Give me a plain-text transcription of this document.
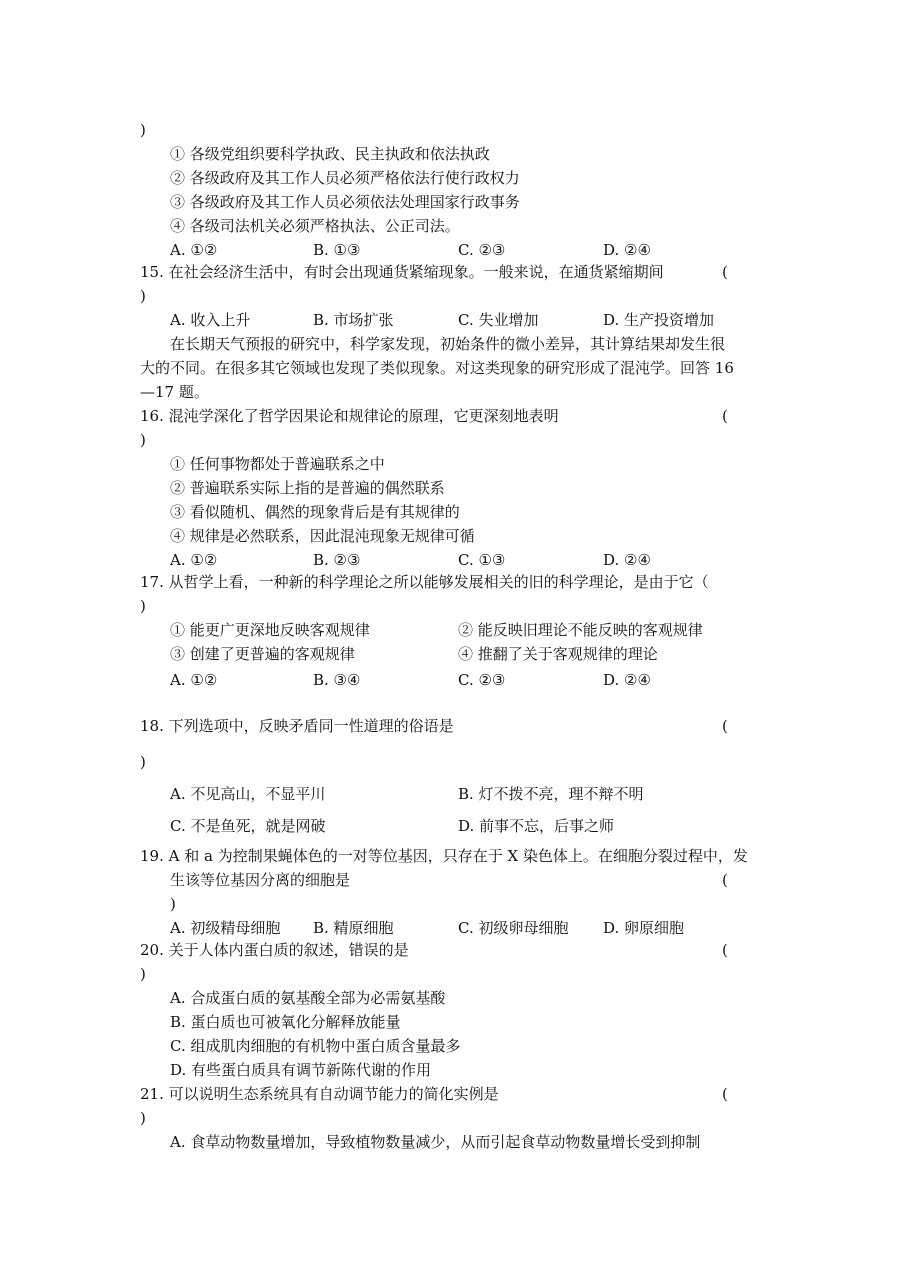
)
① 各级党组织要科学执政、民主执政和依法执政
② 各级政府及其工作人员必须严格依法行使行政权力
③ 各级政府及其工作人员必须依法处理国家行政事务
④ 各级司法机关必须严格执法、公正司法。
A. ①②	B. ①③	C. ②③	D. ②④
15. 在社会经济生活中，有时会出现通货紧缩现象。一般来说，在通货紧缩期间	(
)
A. 收入上升	B. 市场扩张	C. 失业增加	D. 生产投资增加
在长期天气预报的研究中，科学家发现，初始条件的微小差异，其计算结果却发生很
大的不同。在很多其它领域也发现了类似现象。对这类现象的研究形成了混沌学。回答 16
—17 题。
16. 混沌学深化了哲学因果论和规律论的原理，它更深刻地表明	(
)
① 任何事物都处于普遍联系之中
② 普遍联系实际上指的是普遍的偶然联系
③ 看似随机、偶然的现象背后是有其规律的
④ 规律是必然联系，因此混沌现象无规律可循
A. ①②	B. ②③	C. ①③	D. ②④
17. 从哲学上看，一种新的科学理论之所以能够发展相关的旧的科学理论，是由于它（
)
① 能更广更深地反映客观规律	② 能反映旧理论不能反映的客观规律
③ 创建了更普遍的客观规律	④ 推翻了关于客观规律的理论
A. ①②	B. ③④	C. ②③	D. ②④
18. 下列选项中，反映矛盾同一性道理的俗语是	(
)
A. 不见高山，不显平川	B. 灯不拨不亮，理不辩不明
C. 不是鱼死，就是网破	D. 前事不忘，后事之师
19. A 和 a 为控制果蝇体色的一对等位基因，只存在于 X 染色体上。在细胞分裂过程中，发
生该等位基因分离的细胞是	(
)
A. 初级精母细胞 B. 精原细胞	C. 初级卵母细胞 D. 卵原细胞
20. 关于人体内蛋白质的叙述，错误的是	(
)
A. 合成蛋白质的氨基酸全部为必需氨基酸
B. 蛋白质也可被氧化分解释放能量
C. 组成肌肉细胞的有机物中蛋白质含量最多
D. 有些蛋白质具有调节新陈代谢的作用
21. 可以说明生态系统具有自动调节能力的简化实例是	(
)
A. 食草动物数量增加，导致植物数量减少，从而引起食草动物数量增长受到抑制
